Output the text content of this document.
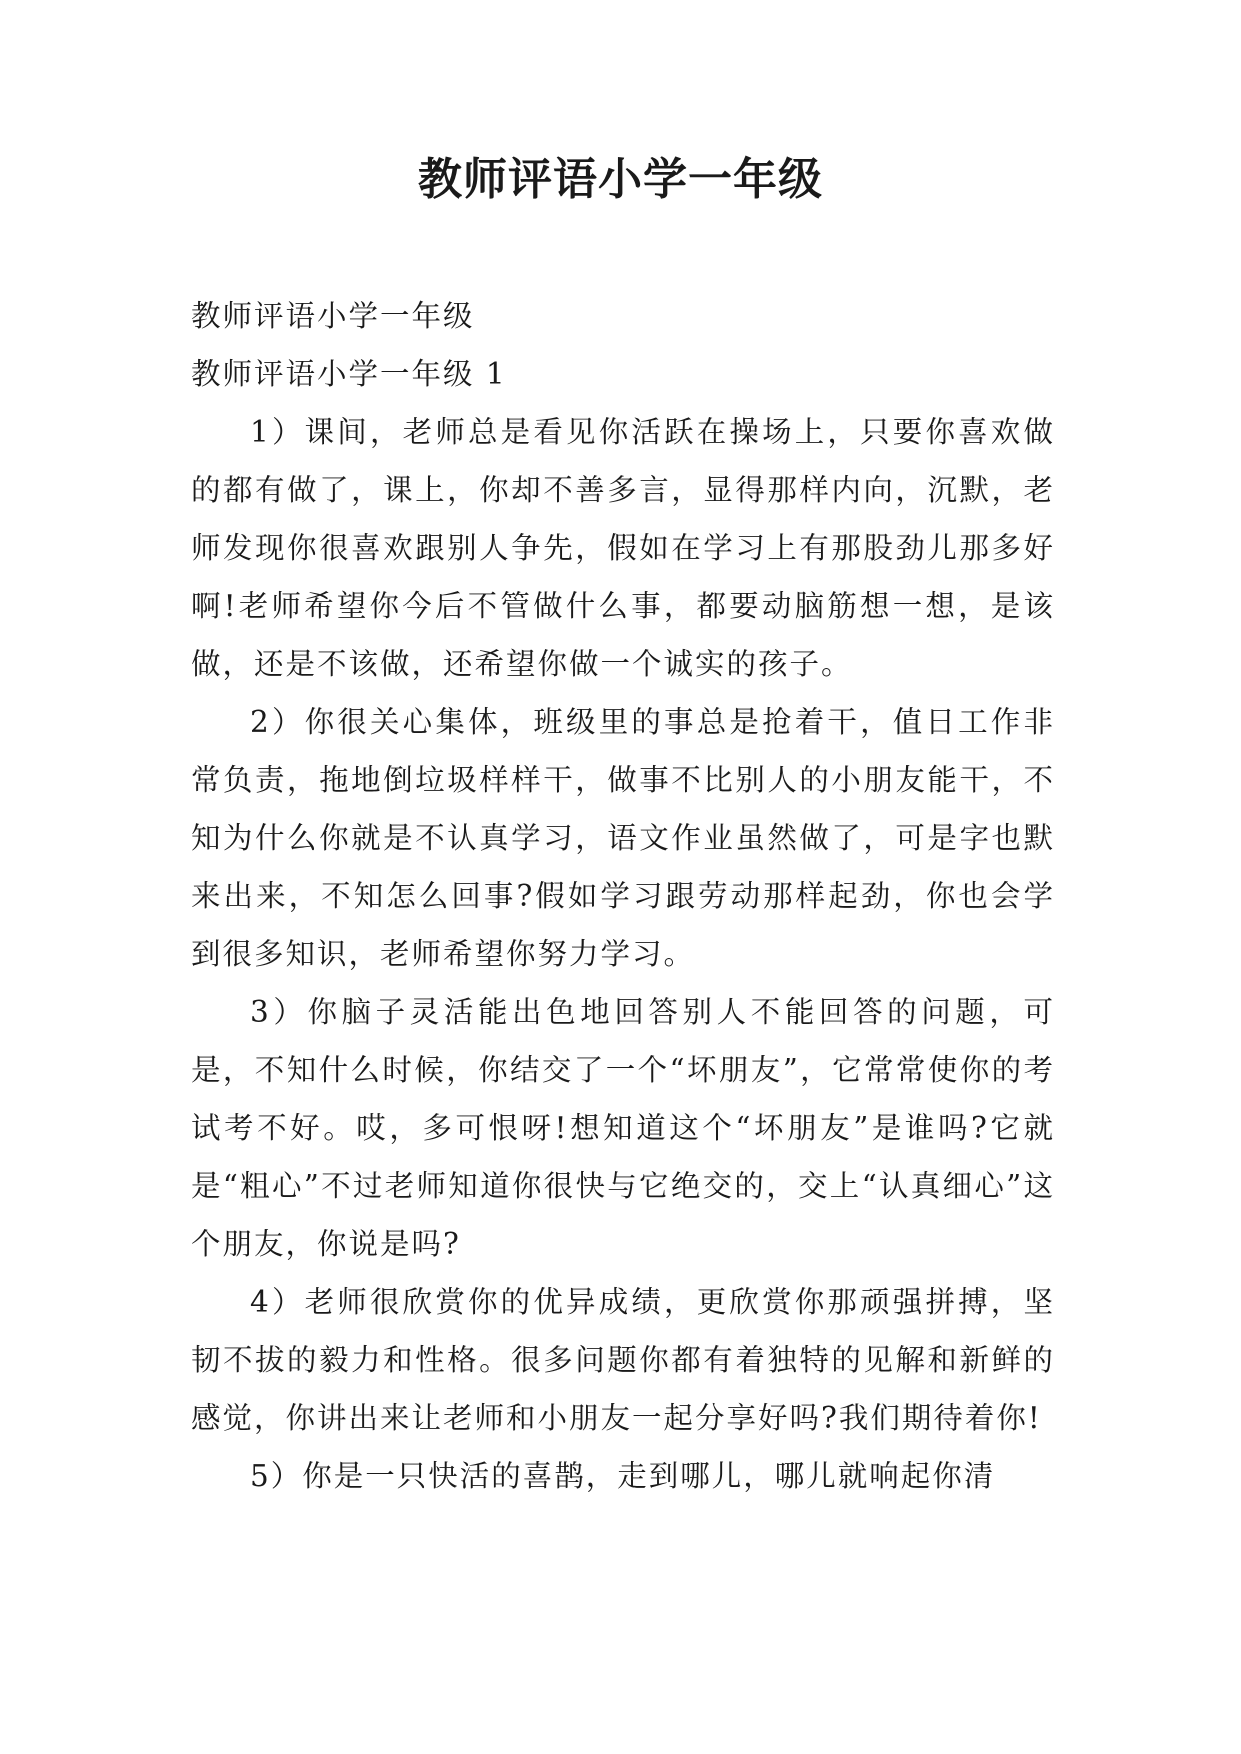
教师评语小学一年级

教师评语小学一年级

教师评语小学一年级 1

1）课间，老师总是看见你活跃在操场上，只要你喜欢做的都有做了，课上，你却不善多言，显得那样内向，沉默，老师发现你很喜欢跟别人争先，假如在学习上有那股劲儿那多好啊!老师希望你今后不管做什么事，都要动脑筋想一想，是该做，还是不该做，还希望你做一个诚实的孩子。

2）你很关心集体，班级里的事总是抢着干，值日工作非常负责，拖地倒垃圾样样干，做事不比别人的小朋友能干，不知为什么你就是不认真学习，语文作业虽然做了，可是字也默来出来，不知怎么回事?假如学习跟劳动那样起劲，你也会学到很多知识，老师希望你努力学习。

3）你脑子灵活能出色地回答别人不能回答的问题，可是，不知什么时候，你结交了一个“坏朋友”，它常常使你的考试考不好。哎，多可恨呀!想知道这个“坏朋友”是谁吗?它就是“粗心”不过老师知道你很快与它绝交的，交上“认真细心”这个朋友，你说是吗?

4）老师很欣赏你的优异成绩，更欣赏你那顽强拼搏，坚韧不拔的毅力和性格。很多问题你都有着独特的见解和新鲜的感觉，你讲出来让老师和小朋友一起分享好吗?我们期待着你!

5）你是一只快活的喜鹊，走到哪儿，哪儿就响起你清
